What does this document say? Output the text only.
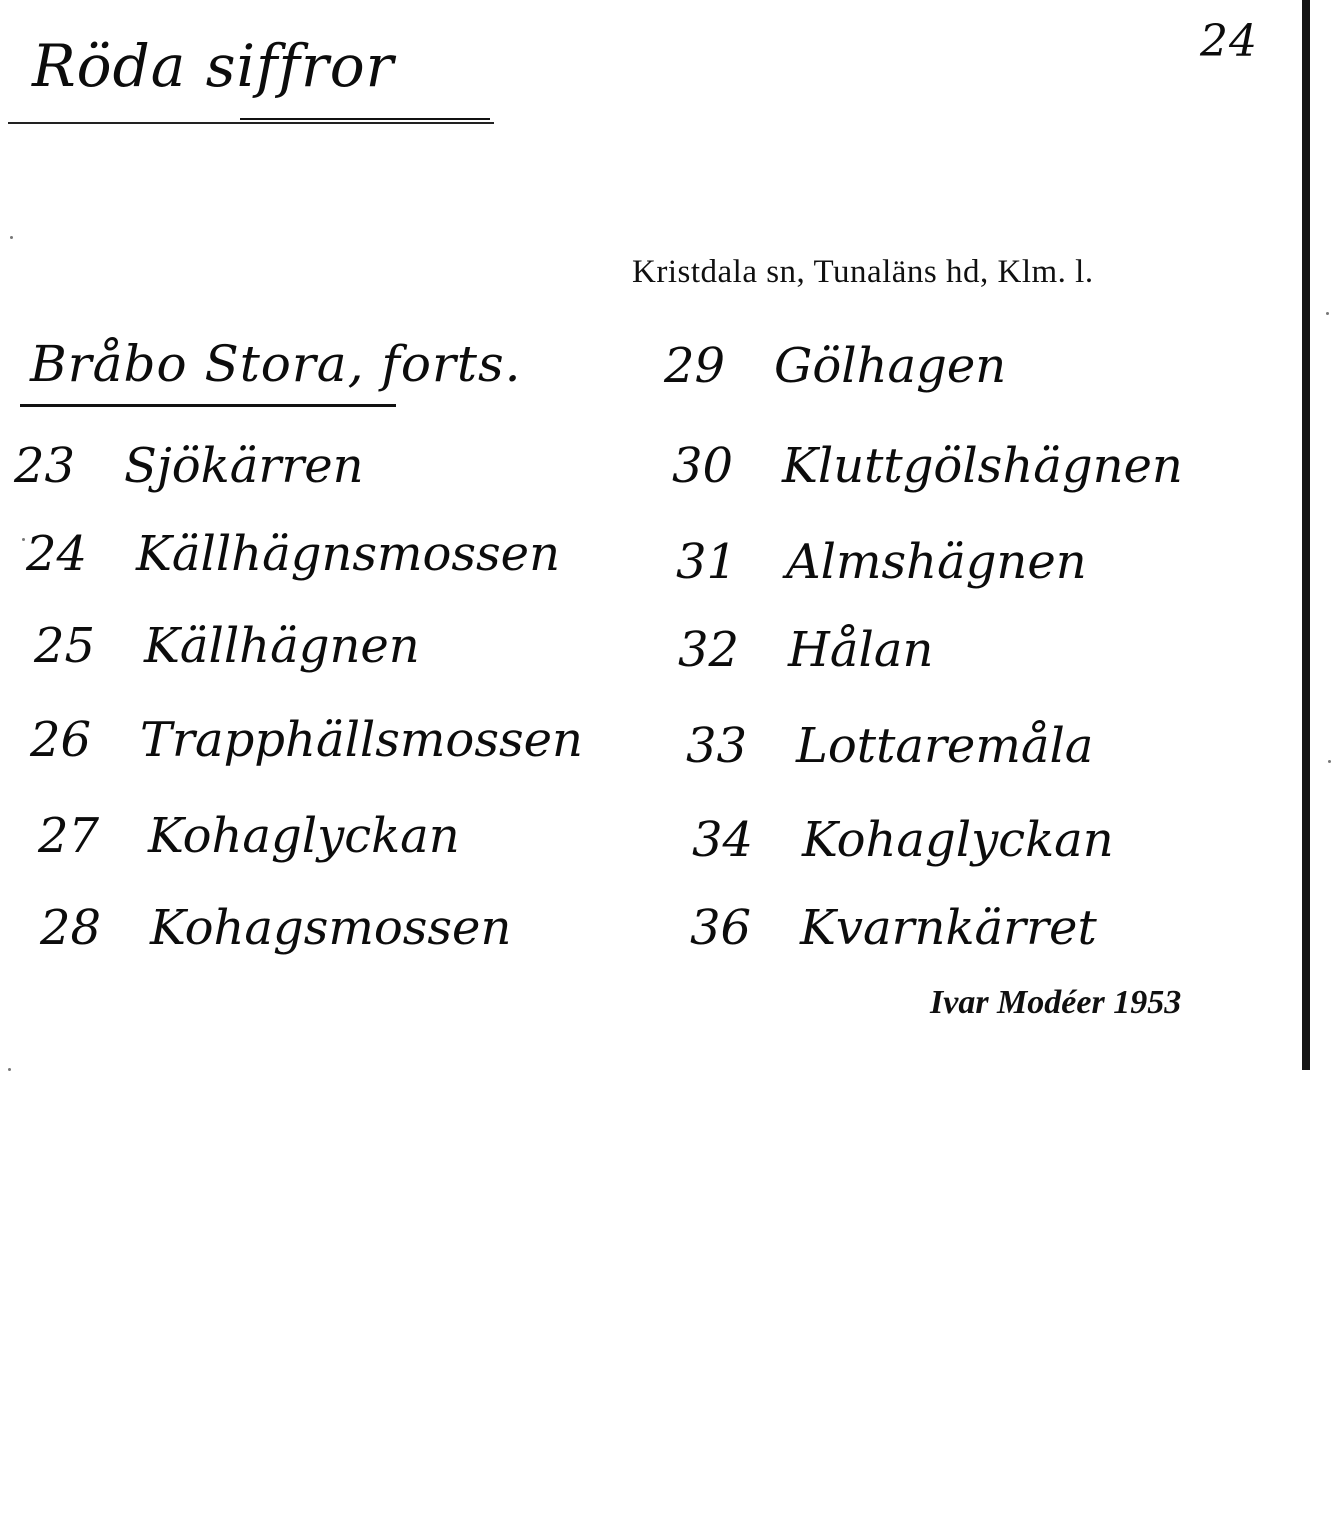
Röda siffror	24
Kristdala sn, Tunaläns hd, Klm. l.
Bråbo Stora, forts.
23 Sjökärren
24 Källhägnsmossen
25 Källhägnen
26 Trapphällsmossen
27 Kohaglyckan
28 Kohagsmossen
29 Gölhagen
30 Kluttgölshägnen
31 Almshägnen
32 Hålan
33 Lottaremåla
34 Kohaglyckan
36 Kvarnkärret
Ivar Modéer 1953
